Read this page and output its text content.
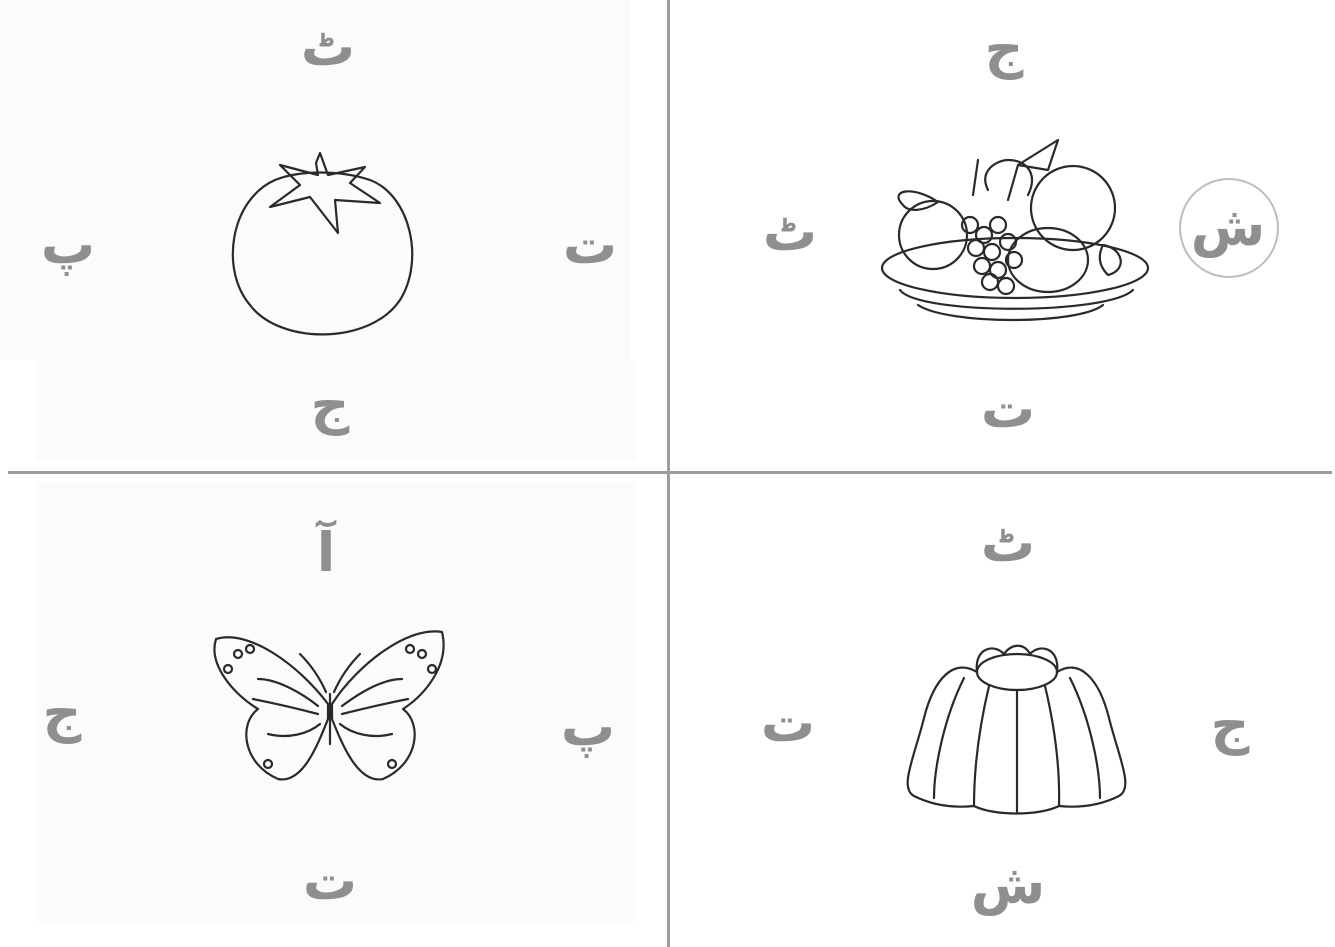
ٹ
پ	ت
ج
ج
ٹ	ش
ت
آ
ج	پ
ت
ٹ
ت	ج
ش
